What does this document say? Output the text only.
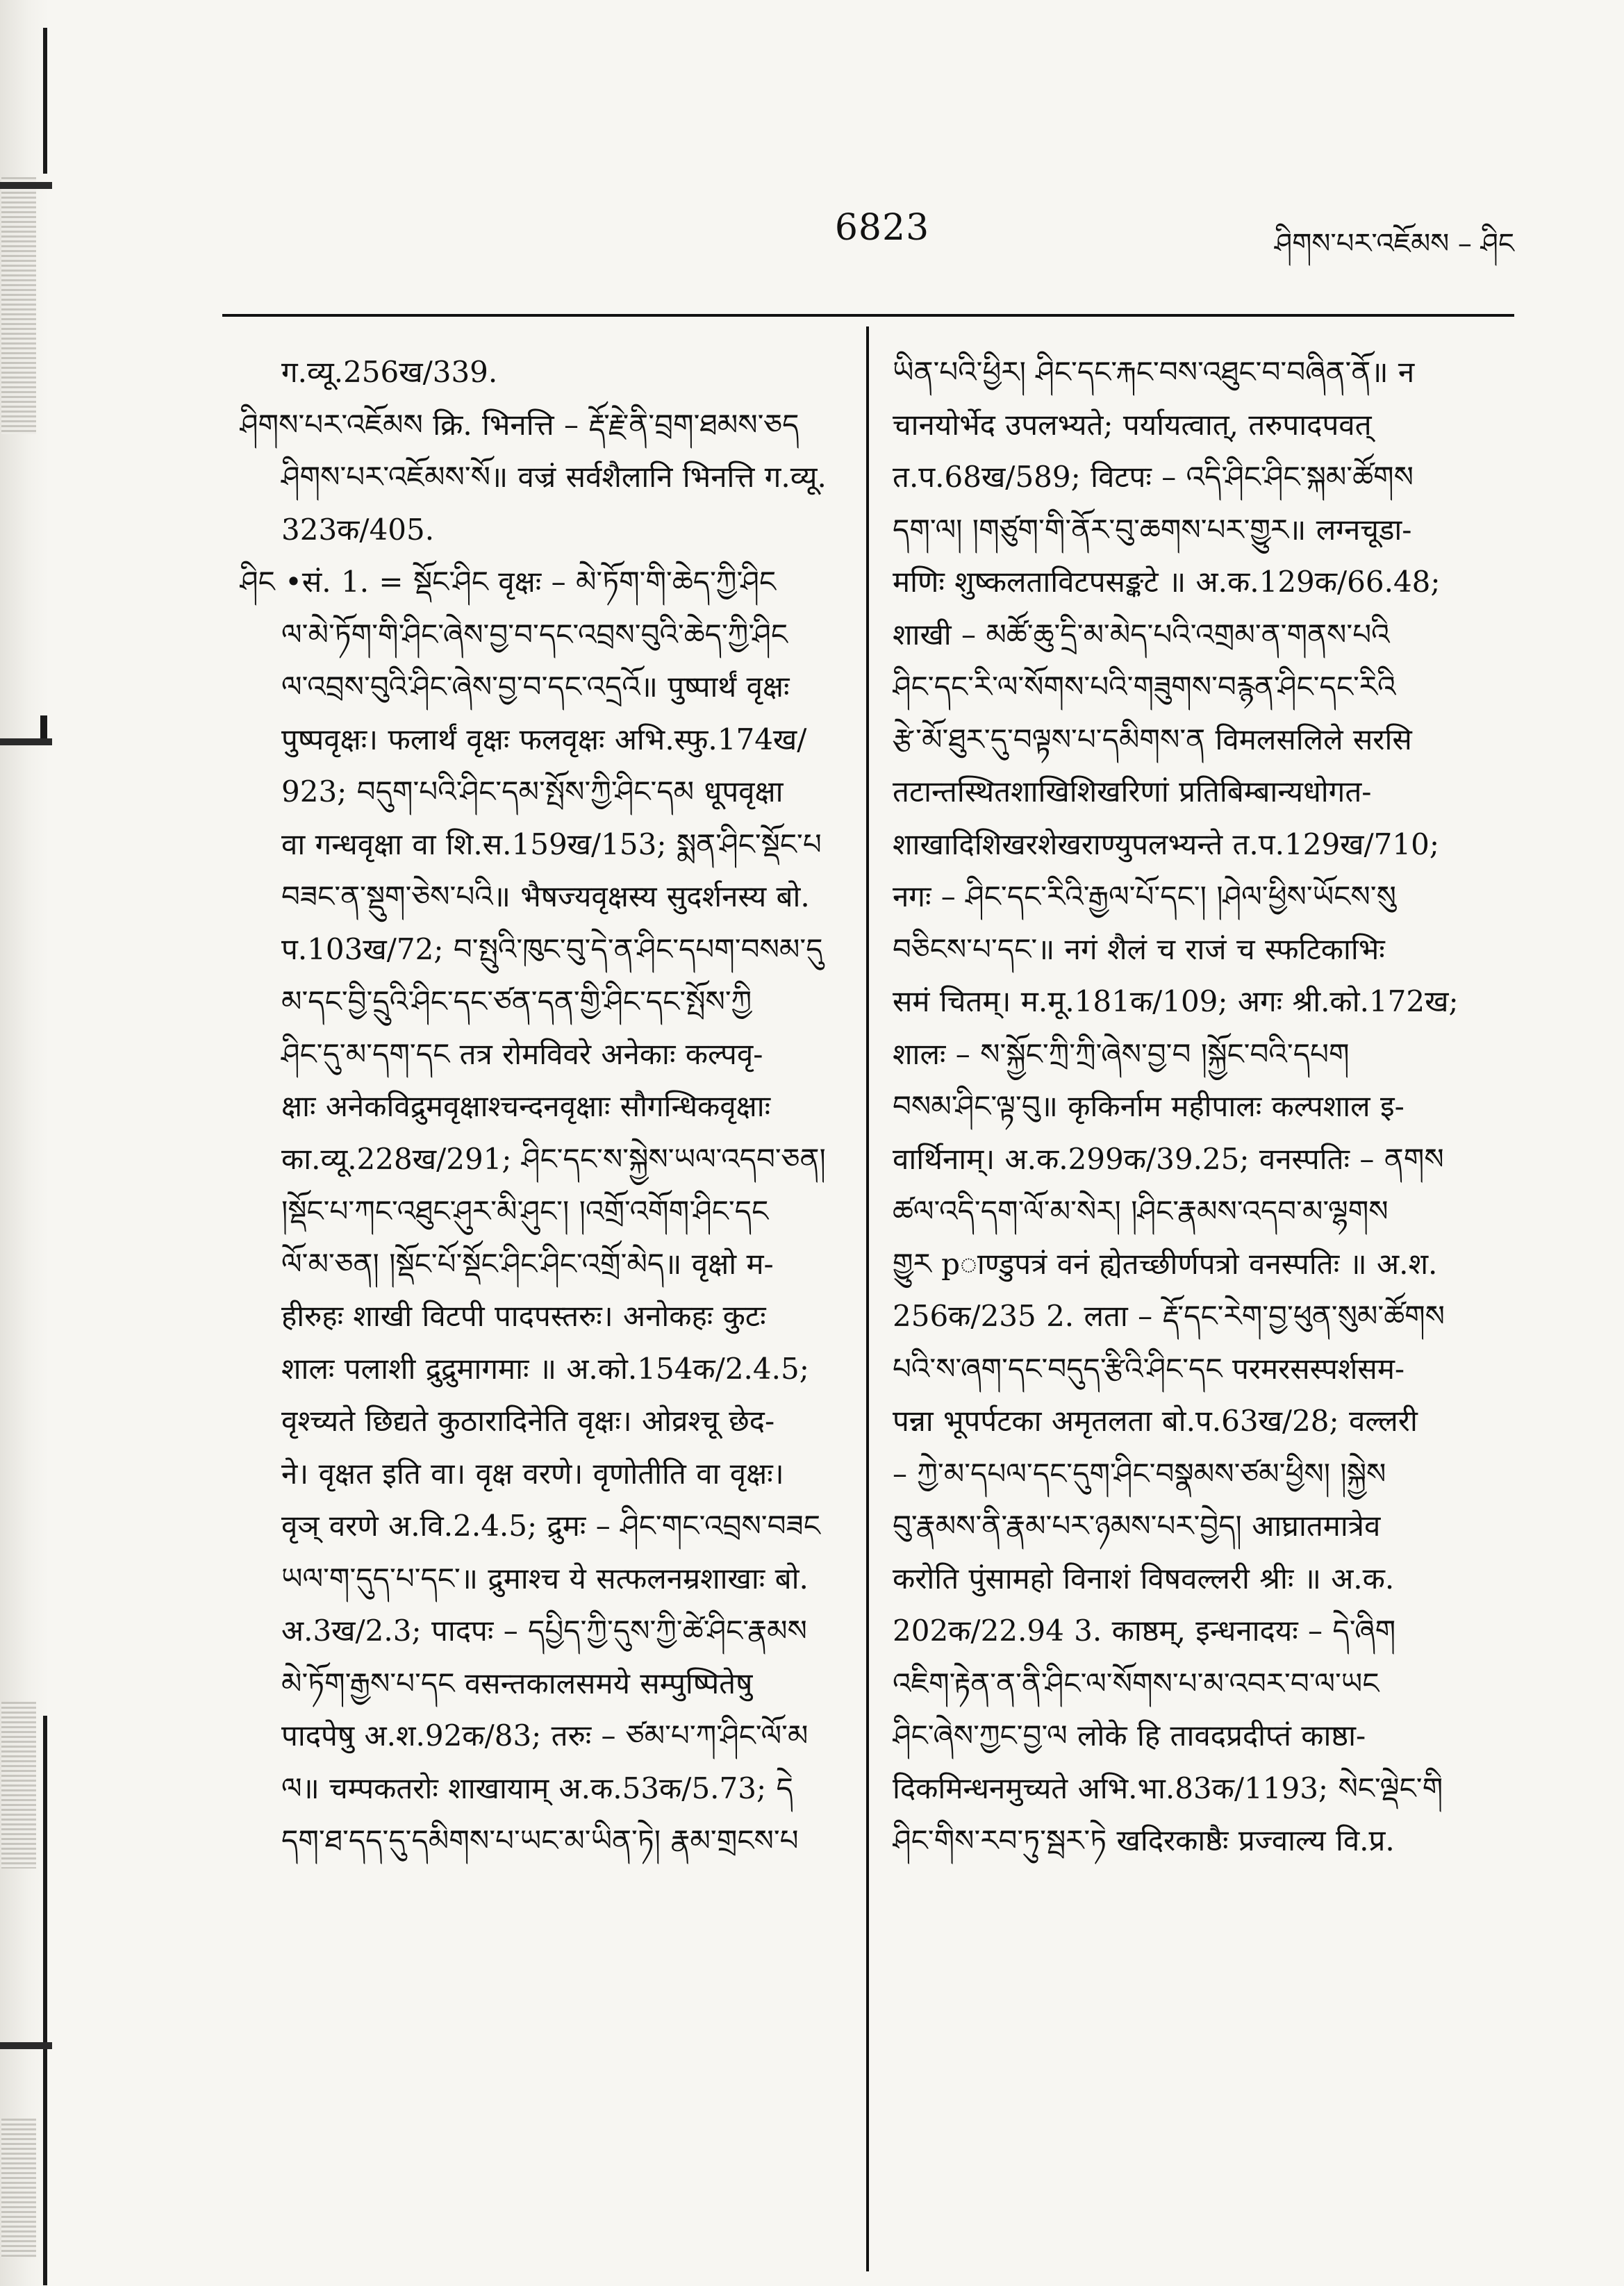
6823	ཤིགས་པར་འཇོམས – ཤིང
ग.व्यू.256ख/339.
ཤིགས་པར་འཇོམས क्रि. भिनत्ति – རྡོ་རྗེ་ནི་བྲག་ཐམས་ཅད
ཤིགས་པར་འཇོམས་སོ॥ वज्रं सर्वशैलानि भिनत्ति ग.व्यू.
323क/405.
ཤིང •सं. 1. = སྡོང་ཤིང वृक्षः – མེ་ཏོག་གི་ཆེད་ཀྱི་ཤིང
ལ་མེ་ཏོག་གི་ཤིང་ཞེས་བྱ་བ་དང་འབྲས་བུའི་ཆེད་ཀྱི་ཤིང
ལ་འབྲས་བུའི་ཤིང་ཞེས་བྱ་བ་དང་འདྲའོ॥ पुष्पार्थं वृक्षः
पुष्पवृक्षः। फलार्थं वृक्षः फलवृक्षः अभि.स्फु.174ख/
923; བདུག་པའི་ཤིང་དམ་སྤོས་ཀྱི་ཤིང་དམ धूपवृक्षा
वा गन्धवृक्षा वा शि.स.159ख/153; སྨན་ཤིང་སྡོང་པ
བཟང་ན་སྡུག་ཅེས་པའི॥ भैषज्यवृक्षस्य सुदर्शनस्य बो.
प.103ख/72; བ་སྤུའི་ཁུང་བུ་དེ་ན་ཤིང་དཔག་བསམ་དུ
མ་དང་བྱི་དྲུའི་ཤིང་དང་ཙན་དན་གྱི་ཤིང་དང་སྤོས་ཀྱི
ཤིང་དུ་མ་དག་དང तत्र रोमविवरे अनेकाः कल्पवृ-
क्षाः अनेकविद्रुमवृक्षाश्चन्दनवृक्षाः सौगन्धिकवृक्षाः
का.व्यू.228ख/291; ཤིང་དང་ས་སྐྱེས་ཡལ་འདབ་ཅན།
།སྡོང་པ་ཀང་འཐུང་ཤུར་མི་ཤུང་། །འགྲོ་འགོག་ཤིང་དང
ལོ་མ་ཅན། །སྡོང་པོ་སྡོང་ཤིང་ཤིང་འགྲོ་མེད॥ वृक्षो म-
हीरुहः शाखी विटपी पादपस्तरुः। अनोकहः कुटः
शालः पलाशी द्रुद्रुमागमाः ॥ अ.को.154क/2.4.5;
वृश्च्यते छिद्यते कुठारादिनेति वृक्षः। ओव्रश्चू छेद-
ने। वृक्षत इति वा। वृक्ष वरणे। वृणोतीति वा वृक्षः।
वृञ् वरणे अ.वि.2.4.5; द्रुमः – ཤིང་གང་འབྲས་བཟང
ཡལ་ག་དུད་པ་དང་॥ द्रुमाश्च ये सत्फलनम्रशाखाः बो.
अ.3ख/2.3; पादपः – དཔྱིད་ཀྱི་དུས་ཀྱི་ཚེ་ཤིང་རྣམས
མེ་ཏོག་རྒྱས་པ་དང वसन्तकालसमये सम्पुष्पितेषु
पादपेषु अ.श.92क/83; तरुः – ཙམ་པ་ཀ་ཤིང་ལོ་མ
ལ॥ चम्पकतरोः शाखायाम् अ.क.53क/5.73; དེ
དག་ཐ་དད་དུ་དམིགས་པ་ཡང་མ་ཡིན་ཏེ། རྣམ་གྲངས་པ
ཡིན་པའི་ཕྱིར། ཤིང་དང་རྐང་བས་འཐུང་བ་བཞིན་ནོ॥ न
चानयोर्भेद उपलभ्यते; पर्यायत्वात्, तरुपादपवत्
त.प.68ख/589; विटपः – འདི་ཤིང་ཤིང་སྐམ་ཚོགས
དག་ལ། །གཙུག་གི་ནོར་བུ་ཆགས་པར་གྱུར॥ लग्नचूडा-
मणिः शुष्कलताविटपसङ्कटे ॥ अ.क.129क/66.48;
शाखी – མཚོ་ཆུ་དྲི་མ་མེད་པའི་འགྲམ་ན་གནས་པའི
ཤིང་དང་རི་ལ་སོགས་པའི་གཟུགས་བརྙན་ཤིང་དང་རིའི
རྩེ་མོ་ཐུར་དུ་བལྟས་པ་དམིགས་ན विमलसलिले सरसि
तटान्तस्थितशाखिशिखरिणां प्रतिबिम्बान्यधोगत-
शाखादिशिखरशेखराण्युपलभ्यन्ते त.प.129ख/710;
नगः – ཤིང་དང་རིའི་རྒྱལ་པོ་དང་། །ཤེལ་ཕྱིས་ཡོངས་སུ
བཅིངས་པ་དང་॥ नगं शैलं च राजं च स्फटिकाभिः
समं चितम्। म.मू.181क/109; अगः श्री.को.172ख;
शालः – ས་སྐྱོང་ཀྲི་ཀྲི་ཞེས་བྱ་བ །སྐྱོང་བའི་དཔག
བསམ་ཤིང་ལྟ་བུ॥ कृकिर्नाम महीपालः कल्पशाल इ-
वार्थिनाम्। अ.क.299क/39.25; वनस्पतिः – ནགས
ཚལ་འདི་དག་ལོ་མ་སེར། །ཤིང་རྣམས་འདབ་མ་ལྷགས
གྱུར pाण्डुपत्रं वनं ह्येतच्छीर्णपत्रो वनस्पतिः ॥ अ.श.
256क/235 2. लता – རྡོ་དང་རེག་བྱ་ཕུན་སུམ་ཚོགས
པའི་ས་ཞག་དང་བདུད་རྩིའི་ཤིང་དང परमरसस्पर्शसम-
पन्ना भूपर्पटका अमृतलता बो.प.63ख/28; वल्लरी
– ཀྱེ་མ་དཔལ་དང་དུག་ཤིང་བསྣམས་ཙམ་ཕྱིས། །སྐྱེས
བུ་རྣམས་ནི་རྣམ་པར་ཉམས་པར་བྱེད། आघ्रातमात्रेव
करोति पुंसामहो विनाशं विषवल्लरी श्रीः ॥ अ.क.
202क/22.94 3. काष्ठम्, इन्धनादयः – དེ་ཞིག
འཇིག་རྟེན་ན་ནི་ཤིང་ལ་སོགས་པ་མ་འབར་བ་ལ་ཡང
ཤིང་ཞེས་ཀྱང་བྱ་ལ लोके हि तावदप्रदीप्तं काष्ठा-
दिकमिन्धनमुच्यते अभि.भा.83क/1193; སེང་ལྡེང་གི
ཤིང་གིས་རབ་ཏུ་སྦར་ཏེ खदिरकाष्ठैः प्रज्वाल्य वि.प्र.
